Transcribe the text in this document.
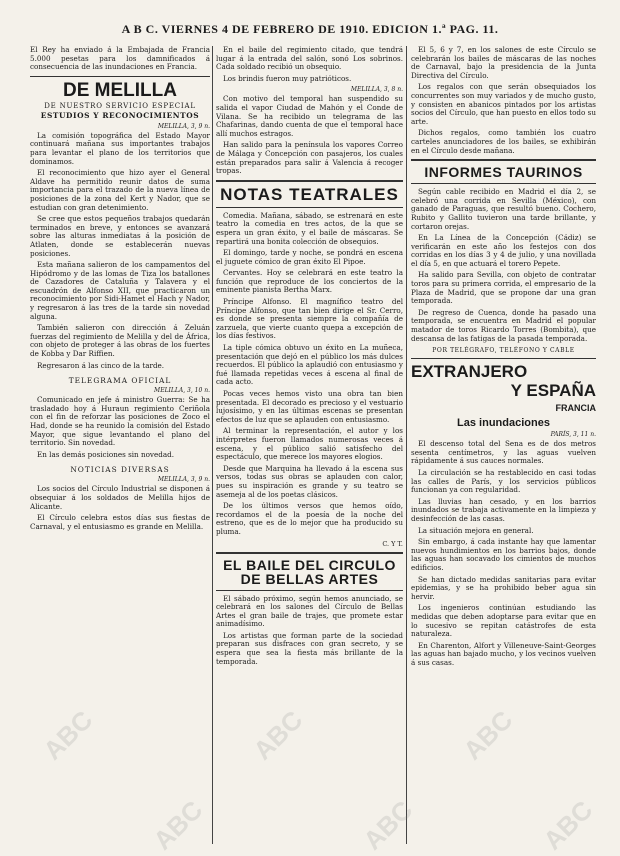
A B C. VIERNES 4 DE FEBRERO DE 1910. EDICION 1.ª PAG. 11.

El Rey ha enviado á la Embajada de Francia 5.000 pesetas para los damnificados á consecuencia de las inundaciones en Francia.

DE MELILLA
DE NUESTRO SERVICIO ESPECIAL
ESTUDIOS Y RECONOCIMIENTOS
MELILLA, 3, 9 n.

La comisión topográfica del Estado Mayor continuará mañana sus importantes trabajos para levantar el plano de los territorios que dominamos.

El reconocimiento que hizo ayer el General Aldave ha permitido reunir datos de suma importancia para el trazado de la nueva línea de posiciones de la zona del Kert y Nador, que se estudian con gran detenimiento.

Se cree que estos pequeños trabajos quedarán terminados en breve, y entonces se avanzará sobre las alturas inmediatas á la posición de Atlaten, donde se establecerán nuevas posiciones.

Esta mañana salieron de los campamentos del Hipódromo y de las lomas de Tiza los batallones de Cazadores de Cataluña y Talavera y el escuadrón de Alfonso XII, que practicaron un reconocimiento por Sidi-Hamet el Hach y Nador, y regresaron á las tres de la tarde sin novedad alguna.

También salieron con dirección á Zeluán fuerzas del regimiento de Melilla y del de África, con objeto de proteger á las obras de los fuertes de Kobba y Dar Riffien.

Regresaron á las cinco de la tarde.

TELEGRAMA OFICIAL
MELILLA, 3, 10 n.

Comunicado en jefe á ministro Guerra: Se ha trasladado hoy á Huraun regimiento Ceriñola con el fin de reforzar las posiciones de Zoco el Had, donde se ha reunido la comisión del Estado Mayor, que sigue levantando el plano del territorio. Sin novedad.

En las demás posiciones sin novedad.

NOTICIAS DIVERSAS
MELILLA, 3, 9 n.

Los socios del Círculo Industrial se disponen á obsequiar á los soldados de Melilla hijos de Alicante.

El Círculo celebra estos días sus fiestas de Carnaval, y el entusiasmo es grande en Melilla.

En el baile del regimiento citado, que tendrá lugar á la entrada del salón, sonó Los sobrinos. Cada soldado recibió un obsequio.

Los brindis fueron muy patrióticos.

MELILLA, 3, 8 n.

Con motivo del temporal han suspendido su salida el vapor Ciudad de Mahón y el Conde de Vilana. Se ha recibido un telegrama de las Chafarinas, dando cuenta de que el temporal hace allí muchos estragos.

Han salido para la península los vapores Correo de Málaga y Concepción con pasajeros, los cuales están preparados para salir á Valencia á recoger tropas.

NOTAS TEATRALES

Comedia. Mañana, sábado, se estrenará en este teatro la comedia en tres actos, de la que se espera un gran éxito, y el baile de máscaras. Se repartirá una bonita colección de obsequios.

El domingo, tarde y noche, se pondrá en escena el juguete cómico de gran éxito El Pipoe.

Cervantes. Hoy se celebrará en este teatro la función que reproduce de los conciertos de la eminente pianista Bertha Marx.

Príncipe Alfonso. El magnífico teatro del Príncipe Alfonso, que tan bien dirige el Sr. Cerro, es donde se presenta siempre la compañía de zarzuela, que vierte cuanto quepa a excepción de los días festivos.

La tiple cómica obtuvo un éxito en La muñeca, presentación que dejó en el público los más dulces recuerdos. El público la aplaudió con entusiasmo y fué llamada repetidas veces á escena al final de cada acto.

Pocas veces hemos visto una obra tan bien presentada. El decorado es precioso y el vestuario lujosísimo, y en las últimas escenas se presentan efectos de luz que se aplauden con entusiasmo.

Al terminar la representación, el autor y los intérpretes fueron llamados numerosas veces á escena, y el público salió satisfecho del espectáculo, que merece los mayores elogios.

Desde que Marquina ha llevado á la escena sus versos, todas sus obras se aplauden con calor, pues su inspiración es grande y su teatro se asemeja al de los poetas clásicos.

De los últimos versos que hemos oído, recordamos el de la poesía de la noche del estreno, que es de lo mejor que ha producido su pluma.

C. Y T.
EL BAILE DEL CIRCULO DE BELLAS ARTES

El sábado próximo, según hemos anunciado, se celebrará en los salones del Círculo de Bellas Artes el gran baile de trajes, que promete estar animadísimo.

Los artistas que forman parte de la sociedad preparan sus disfraces con gran secreto, y se espera que sea la fiesta más brillante de la temporada.

El 5, 6 y 7, en los salones de este Círculo se celebrarán los bailes de máscaras de las noches de Carnaval, bajo la presidencia de la Junta Directiva del Círculo.

Los regalos con que serán obsequiados los concurrentes son muy variados y de mucho gusto, y consisten en abanicos pintados por los artistas socios del Círculo, que han puesto en ellos todo su arte.

Dichos regalos, como también los cuatro carteles anunciadores de los bailes, se exhibirán en el Círculo desde mañana.

INFORMES TAURINOS

Según cable recibido en Madrid el día 2, se celebró una corrida en Sevilla (México), con ganado de Paraguas, que resultó bueno. Cochero, Rubito y Gallito tuvieron una tarde brillante, y cortaron orejas.

En La Línea de la Concepción (Cádiz) se verificarán en este año los festejos con dos corridas en los días 3 y 4 de julio, y una novillada el día 5, en que actuará el torero Pepete.

Ha salido para Sevilla, con objeto de contratar toros para su primera corrida, el empresario de la Plaza de Madrid, que se propone dar una gran temporada.

De regreso de Cuenca, donde ha pasado una temporada, se encuentra en Madrid el popular matador de toros Ricardo Torres (Bombita), que descansa de las fatigas de la pasada temporada.

POR TELÉGRAFO, TELÉFONO Y CABLE
EXTRANJERO
Y ESPAÑA
FRANCIA
Las inundaciones
PARÍS, 3, 11 n.

El descenso total del Sena es de dos metros sesenta centímetros, y las aguas vuelven rápidamente á sus cauces normales.

La circulación se ha restablecido en casi todas las calles de París, y los servicios públicos funcionan ya con regularidad.

Las lluvias han cesado, y en los barrios inundados se trabaja activamente en la limpieza y desinfección de las casas.

La situación mejora en general.

Sin embargo, á cada instante hay que lamentar nuevos hundimientos en los barrios bajos, donde las aguas han socavado los cimientos de muchos edificios.

Se han dictado medidas sanitarias para evitar epidemias, y se ha prohibido beber agua sin hervir.

Los ingenieros continúan estudiando las medidas que deben adoptarse para evitar que en lo sucesivo se repitan catástrofes de esta naturaleza.

En Charenton, Alfort y Villeneuve-Saint-Georges las aguas han bajado mucho, y los vecinos vuelven á sus casas.

ABC	ABC	ABC
ABC	ABC	ABC
